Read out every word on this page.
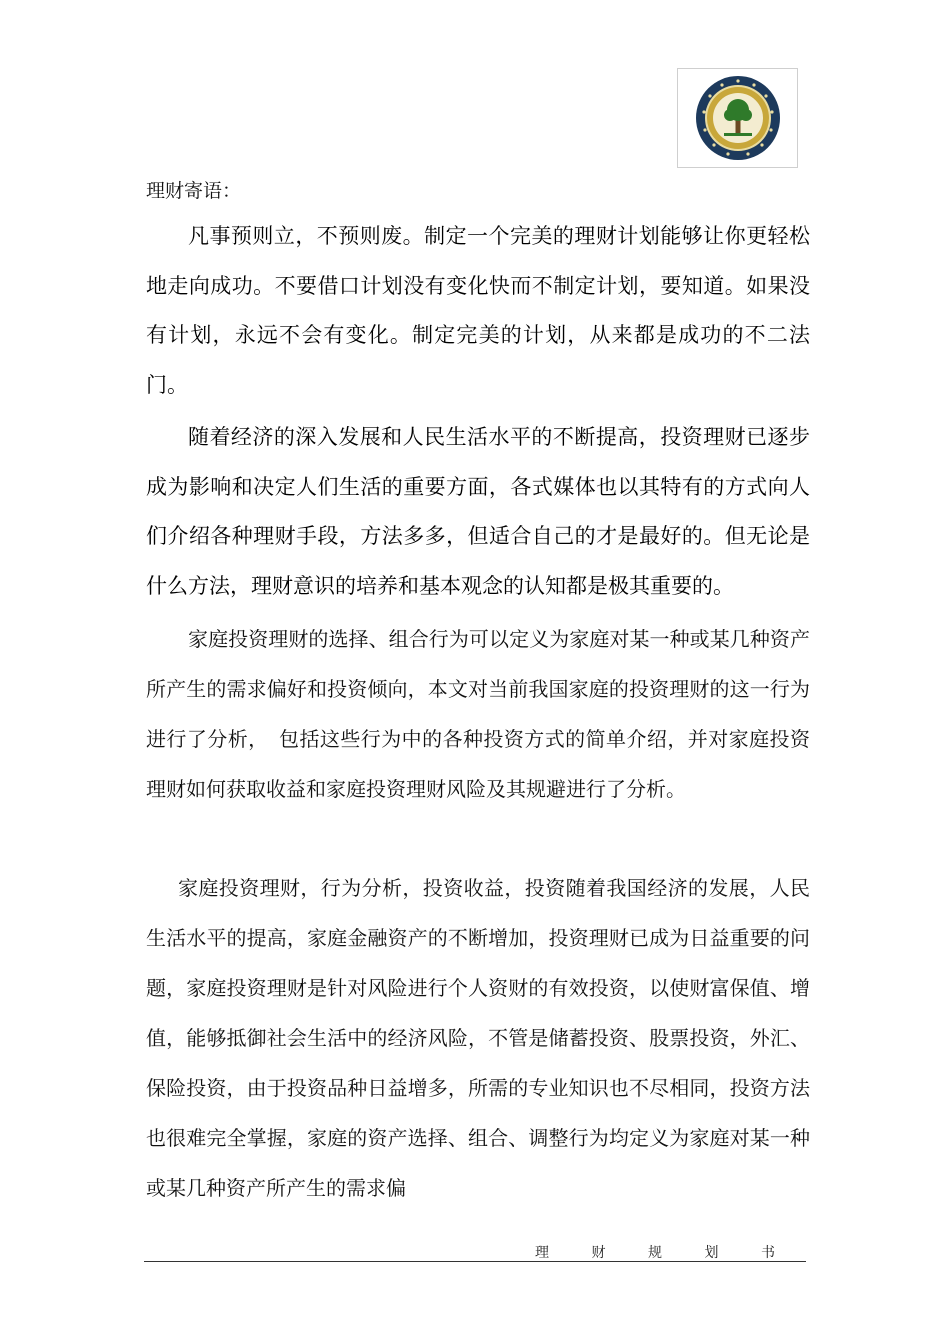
理财寄语：

凡事预则立，不预则废。制定一个完美的理财计划能够让你更轻松地走向成功。不要借口计划没有变化快而不制定计划，要知道。如果没有计划，永远不会有变化。制定完美的计划，从来都是成功的不二法门。

随着经济的深入发展和人民生活水平的不断提高，投资理财已逐步成为影响和决定人们生活的重要方面，各式媒体也以其特有的方式向人们介绍各种理财手段，方法多多，但适合自己的才是最好的。但无论是什么方法，理财意识的培养和基本观念的认知都是极其重要的。

家庭投资理财的选择、组合行为可以定义为家庭对某一种或某几种资产所产生的需求偏好和投资倾向，本文对当前我国家庭的投资理财的这一行为进行了分析，　包括这些行为中的各种投资方式的简单介绍，并对家庭投资理财如何获取收益和家庭投资理财风险及其规避进行了分析。

家庭投资理财，行为分析，投资收益，投资随着我国经济的发展，人民生活水平的提高，家庭金融资产的不断增加，投资理财已成为日益重要的问题，家庭投资理财是针对风险进行个人资财的有效投资，以使财富保值、增值，能够抵御社会生活中的经济风险，不管是储蓄投资、股票投资，外汇、保险投资，由于投资品种日益增多，所需的专业知识也不尽相同，投资方法也很难完全掌握，家庭的资产选择、组合、调整行为均定义为家庭对某一种或某几种资产所产生的需求偏

理	财	规	划	书
